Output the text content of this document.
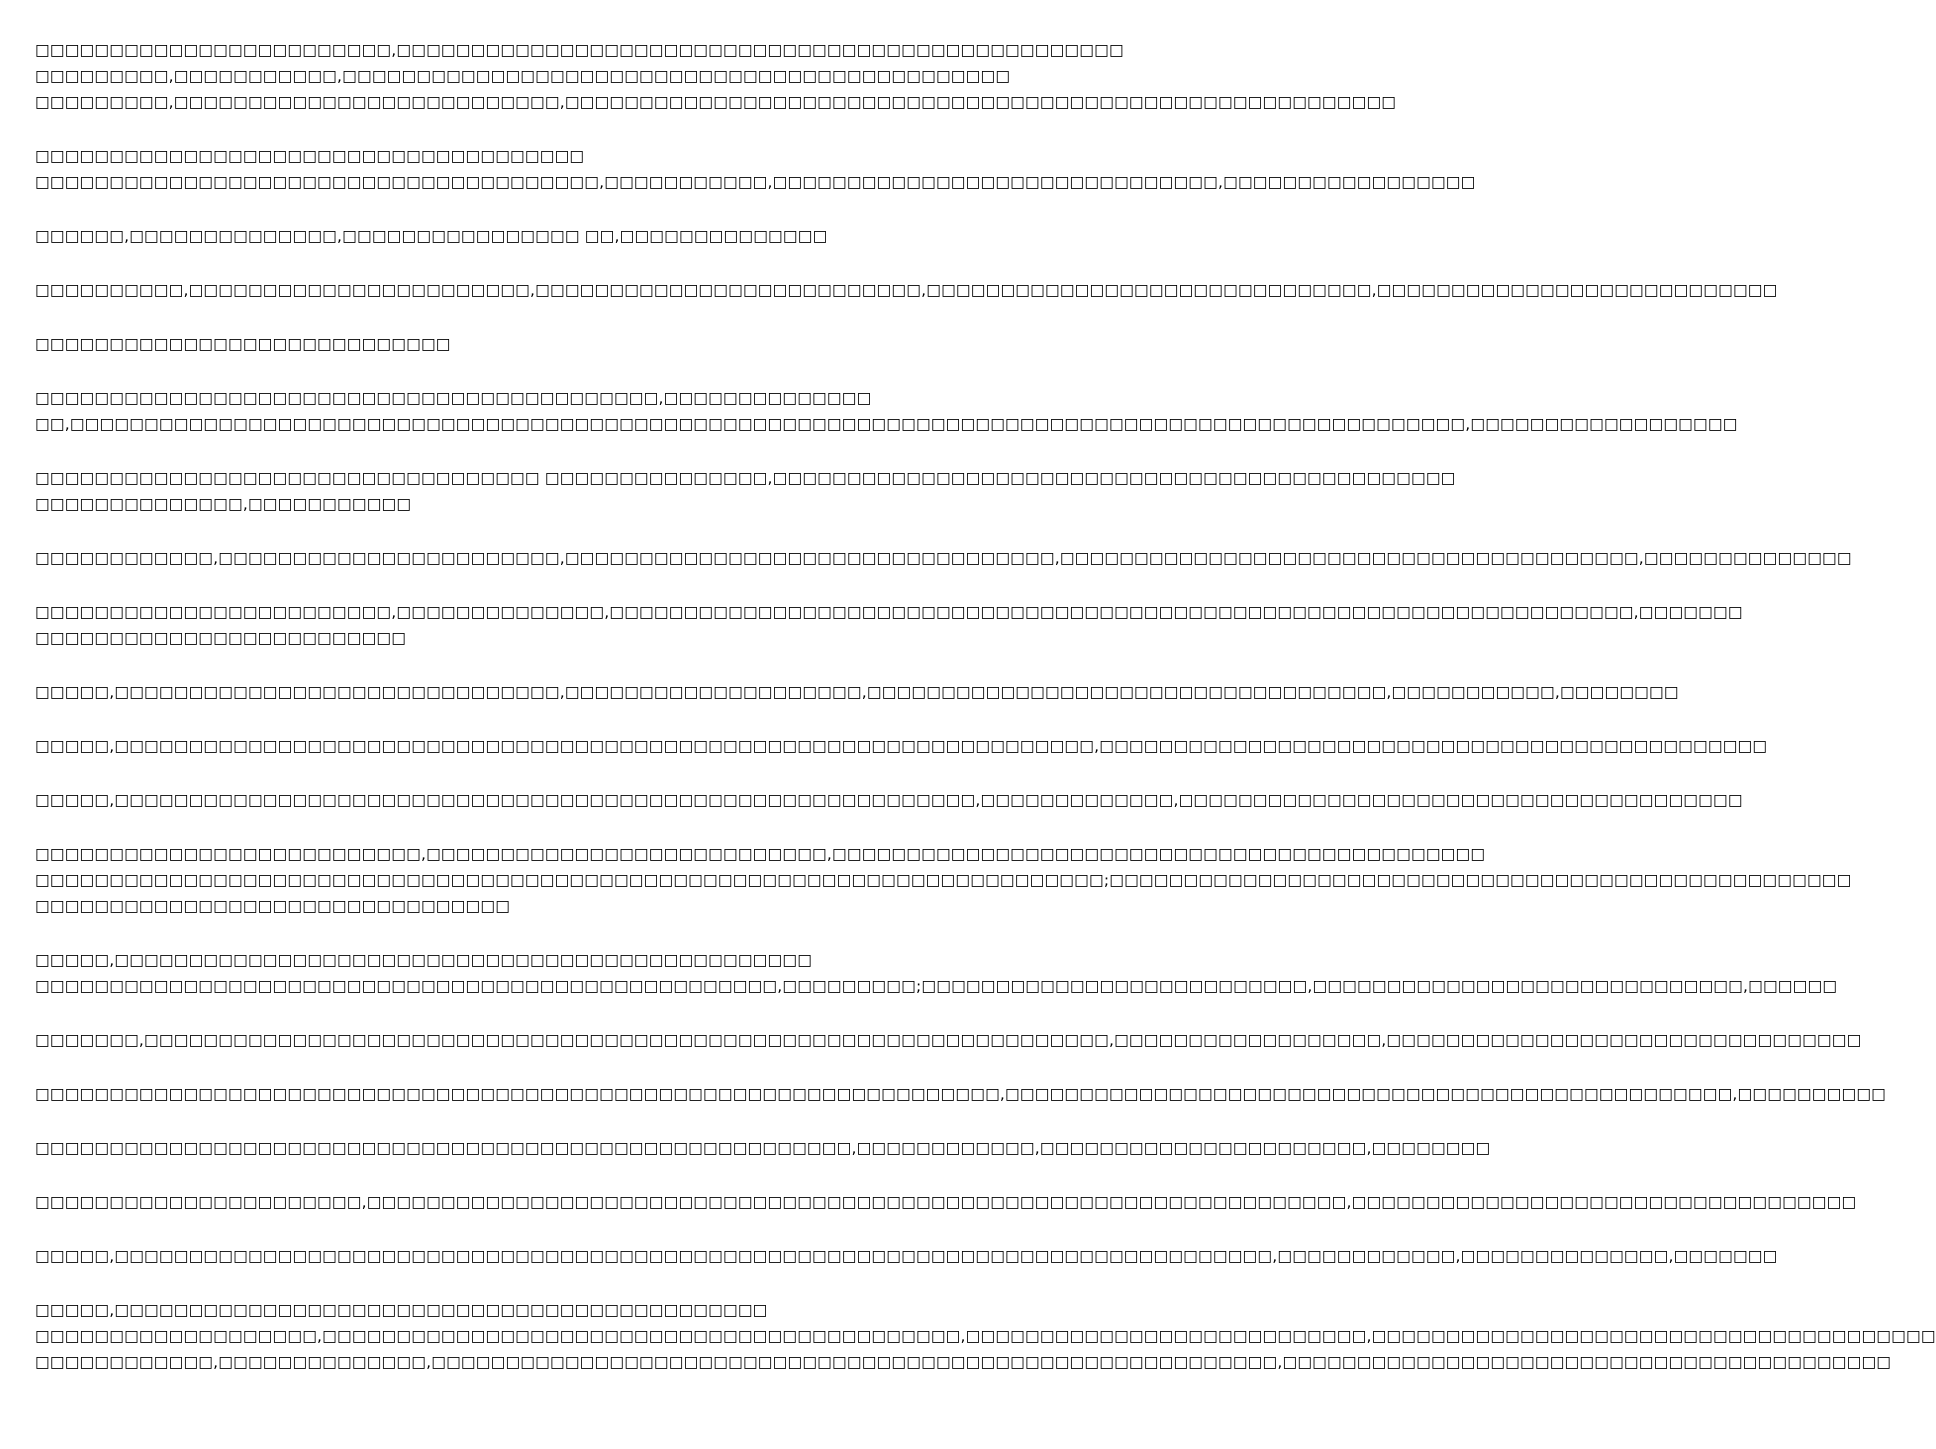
□□□□□□□□□□□□□□□□□□□□□□□□,□□□□□□□□□□□□□□□□□□□□□□□□□□□□□□□□□□□□□□□□□□□□□□□□□
□□□□□□□□□,□□□□□□□□□□□,□□□□□□□□□□□□□□□□□□□□□□□□□□□□□□□□□□□□□□□□□□□□□
□□□□□□□□□,□□□□□□□□□□□□□□□□□□□□□□□□□□,□□□□□□□□□□□□□□□□□□□□□□□□□□□□□□□□□□□□□□□□□□□□□□□□□□□□□□□□
□□□□□□□□□□□□□□□□□□□□□□□□□□□□□□□□□□□□□
□□□□□□□□□□□□□□□□□□□□□□□□□□□□□□□□□□□□□□,□□□□□□□□□□□,□□□□□□□□□□□□□□□□□□□□□□□□□□□□□□,□□□□□□□□□□□□□□□□□
□□□□□□,□□□□□□□□□□□□□□,□□□□□□□□□□□□□□□□ □□,□□□□□□□□□□□□□□
□□□□□□□□□□,□□□□□□□□□□□□□□□□□□□□□□□,□□□□□□□□□□□□□□□□□□□□□□□□□□,□□□□□□□□□□□□□□□□□□□□□□□□□□□□□□,□□□□□□□□□□□□□□□□□□□□□□□□□□□
□□□□□□□□□□□□□□□□□□□□□□□□□□□□
□□□□□□□□□□□□□□□□□□□□□□□□□□□□□□□□□□□□□□□□□□,□□□□□□□□□□□□□□
□□,□□□□□□□□□□□□□□□□□□□□□□□□□□□□□□□□□□□□□□□□□□□□□□□□□□□□□□□□□□□□□□□□□□□□□□□□□□□□□□□□□□□□□□□□□□□□□□,□□□□□□□□□□□□□□□□□□
□□□□□□□□□□□□□□□□□□□□□□□□□□□□□□□□□□ □□□□□□□□□□□□□□□,□□□□□□□□□□□□□□□□□□□□□□□□□□□□□□□□□□□□□□□□□□□□□□
□□□□□□□□□□□□□□,□□□□□□□□□□□
□□□□□□□□□□□□,□□□□□□□□□□□□□□□□□□□□□□□,□□□□□□□□□□□□□□□□□□□□□□□□□□□□□□□□□,□□□□□□□□□□□□□□□□□□□□□□□□□□□□□□□□□□□□□□□,□□□□□□□□□□□□□□
□□□□□□□□□□□□□□□□□□□□□□□□,□□□□□□□□□□□□□□,□□□□□□□□□□□□□□□□□□□□□□□□□□□□□□□□□□□□□□□□□□□□□□□□□□□□□□□□□□□□□□□□□□□□□,□□□□□□□
□□□□□□□□□□□□□□□□□□□□□□□□□
□□□□□,□□□□□□□□□□□□□□□□□□□□□□□□□□□□□□,□□□□□□□□□□□□□□□□□□□□,□□□□□□□□□□□□□□□□□□□□□□□□□□□□□□□□□□□,□□□□□□□□□□□,□□□□□□□□
□□□□□,□□□□□□□□□□□□□□□□□□□□□□□□□□□□□□□□□□□□□□□□□□□□□□□□□□□□□□□□□□□□□□□□□□,□□□□□□□□□□□□□□□□□□□□□□□□□□□□□□□□□□□□□□□□□□□□□
□□□□□,□□□□□□□□□□□□□□□□□□□□□□□□□□□□□□□□□□□□□□□□□□□□□□□□□□□□□□□□□□,□□□□□□□□□□□□□,□□□□□□□□□□□□□□□□□□□□□□□□□□□□□□□□□□□□□□
□□□□□□□□□□□□□□□□□□□□□□□□□□,□□□□□□□□□□□□□□□□□□□□□□□□□□□,□□□□□□□□□□□□□□□□□□□□□□□□□□□□□□□□□□□□□□□□□□□□
□□□□□□□□□□□□□□□□□□□□□□□□□□□□□□□□□□□□□□□□□□□□□□□□□□□□□□□□□□□□□□□□□□□□□□□□;□□□□□□□□□□□□□□□□□□□□□□□□□□□□□□□□□□□□□□□□□□□□□□□□□□
□□□□□□□□□□□□□□□□□□□□□□□□□□□□□□□□
□□□□□,□□□□□□□□□□□□□□□□□□□□□□□□□□□□□□□□□□□□□□□□□□□□□□□
□□□□□□□□□□□□□□□□□□□□□□□□□□□□□□□□□□□□□□□□□□□□□□□□□□,□□□□□□□□□;□□□□□□□□□□□□□□□□□□□□□□□□□□,□□□□□□□□□□□□□□□□□□□□□□□□□□□□□,□□□□□□
□□□□□□□,□□□□□□□□□□□□□□□□□□□□□□□□□□□□□□□□□□□□□□□□□□□□□□□□□□□□□□□□□□□□□□□□□,□□□□□□□□□□□□□□□□□□,□□□□□□□□□□□□□□□□□□□□□□□□□□□□□□□□
□□□□□□□□□□□□□□□□□□□□□□□□□□□□□□□□□□□□□□□□□□□□□□□□□□□□□□□□□□□□□□□□□,□□□□□□□□□□□□□□□□□□□□□□□□□□□□□□□□□□□□□□□□□□□□□□□□□,□□□□□□□□□□
□□□□□□□□□□□□□□□□□□□□□□□□□□□□□□□□□□□□□□□□□□□□□□□□□□□□□□□,□□□□□□□□□□□□,□□□□□□□□□□□□□□□□□□□□□□,□□□□□□□□
□□□□□□□□□□□□□□□□□□□□□□,□□□□□□□□□□□□□□□□□□□□□□□□□□□□□□□□□□□□□□□□□□□□□□□□□□□□□□□□□□□□□□□□□□,□□□□□□□□□□□□□□□□□□□□□□□□□□□□□□□□□□
□□□□□,□□□□□□□□□□□□□□□□□□□□□□□□□□□□□□□□□□□□□□□□□□□□□□□□□□□□□□□□□□□□□□□□□□□□□□□□□□□□□□,□□□□□□□□□□□□,□□□□□□□□□□□□□□,□□□□□□□
□□□□□,□□□□□□□□□□□□□□□□□□□□□□□□□□□□□□□□□□□□□□□□□□□□
□□□□□□□□□□□□□□□□□□□,□□□□□□□□□□□□□□□□□□□□□□□□□□□□□□□□□□□□□□□□□□□,□□□□□□□□□□□□□□□□□□□□□□□□□□□,□□□□□□□□□□□□□□□□□□□□□□□□□□□□□□□□□□□□□□
□□□□□□□□□□□□,□□□□□□□□□□□□□□,□□□□□□□□□□□□□□□□□□□□□□□□□□□□□□□□□□□□□□□□□□□□□□□□□□□□□□□□□,□□□□□□□□□□□□□□□□□□□□□□□□□□□□□□□□□□□□□□□□□
